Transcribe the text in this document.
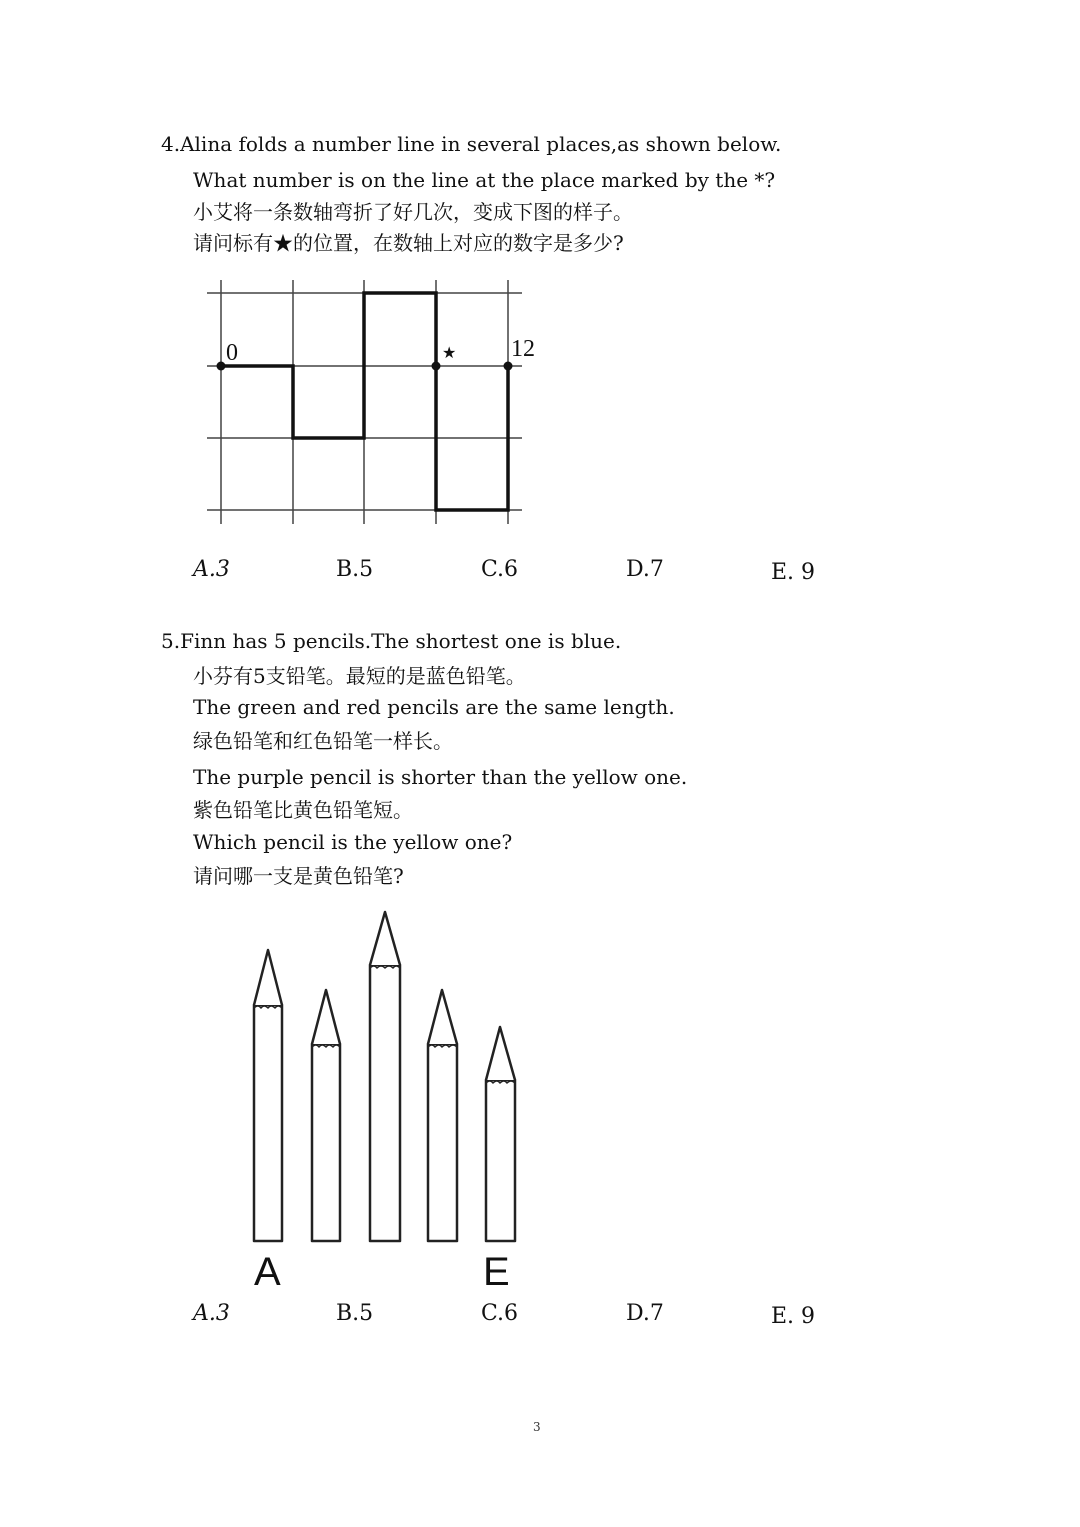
4.Alina folds a number line in several places,as shown below.
What number is on the line at the place marked by the *?
小艾将一条数轴弯折了好几次，变成下图的样子。
请问标有★的位置，在数轴上对应的数字是多少?
0	★ 12
A.3	B.5	C.6	D.7	E. 9
5.Finn has 5 pencils.The shortest one is blue.
小芬有5支铅笔。最短的是蓝色铅笔。
The green and red pencils are the same length.
绿色铅笔和红色铅笔一样长。
The purple pencil is shorter than the yellow one.
紫色铅笔比黄色铅笔短。
Which pencil is the yellow one?
请问哪一支是黄色铅笔?
A	E
A.3	B.5	C.6	D.7	E. 9
3
